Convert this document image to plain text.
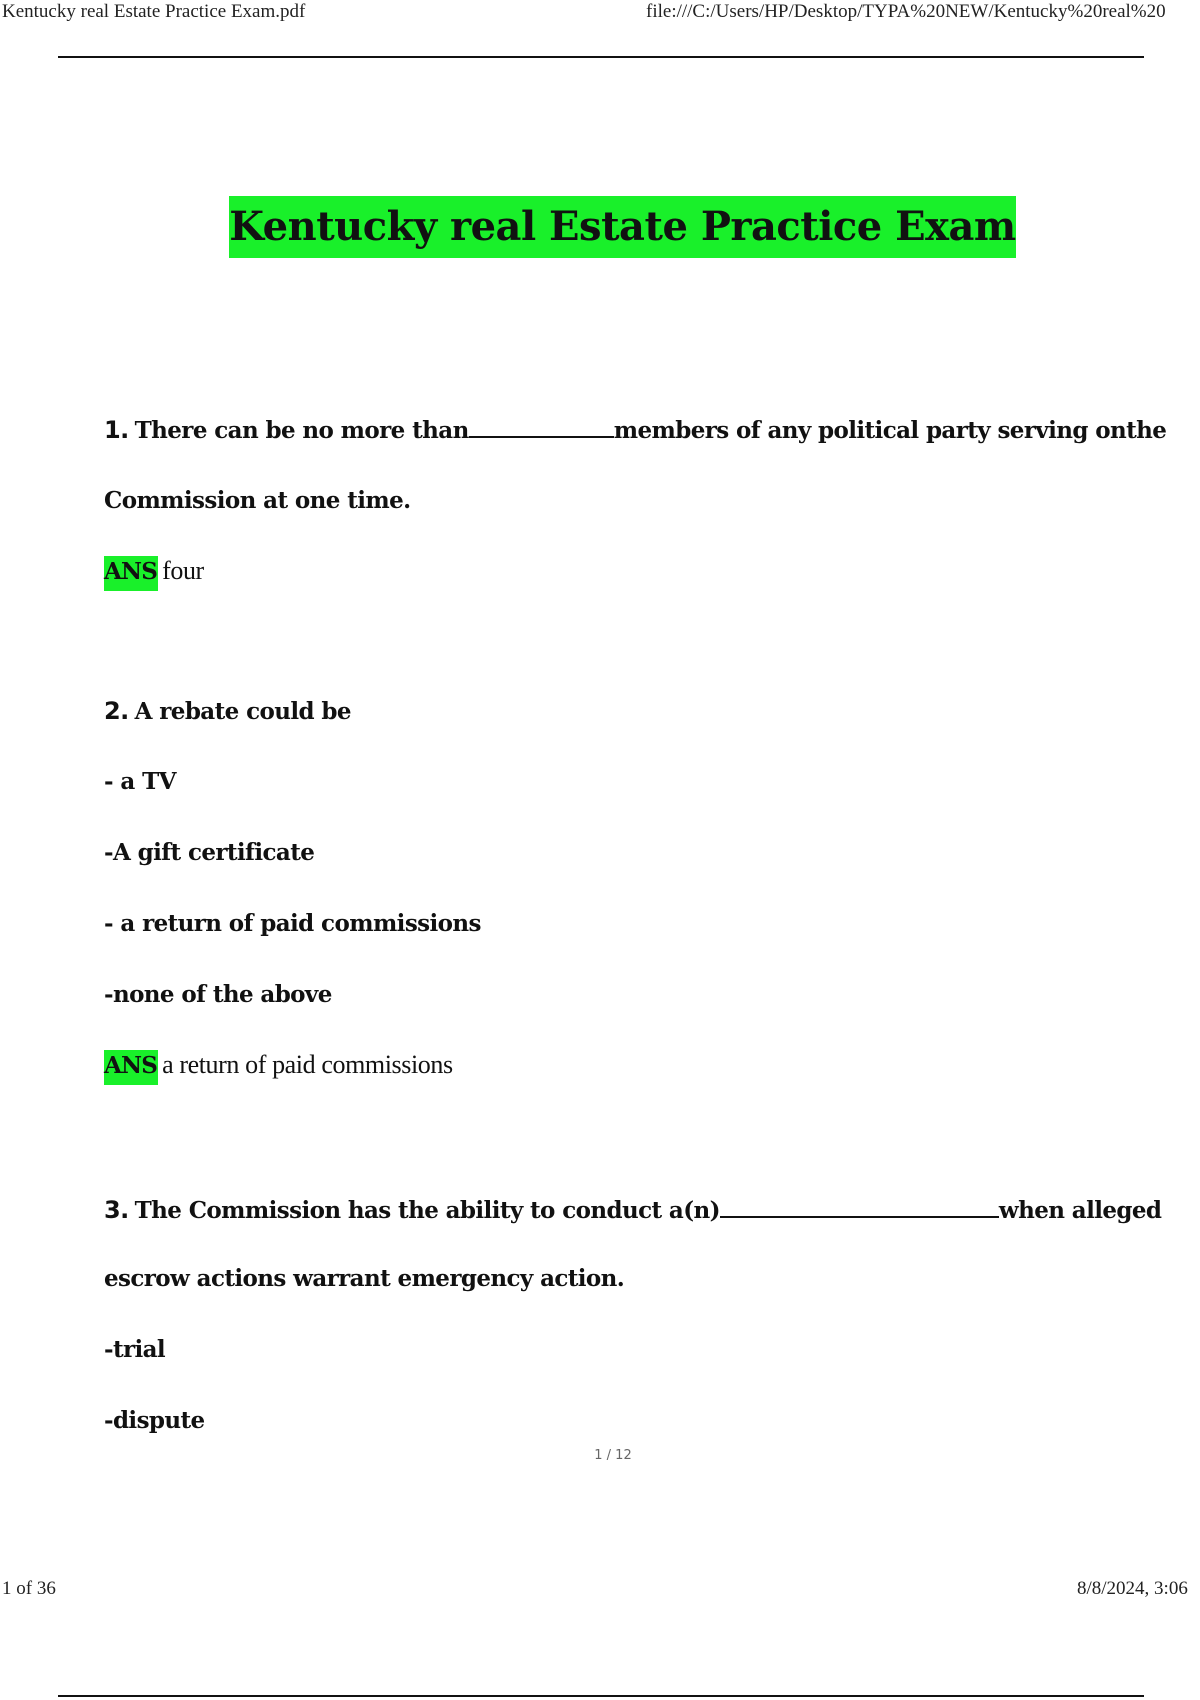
Kentucky real Estate Practice Exam.pdf	file:///C:/Users/HP/Desktop/TYPA%20NEW/Kentucky%20real%20
Kentucky real Estate Practice Exam
1. There can be no more than	members of any political party serving onthe
Commission at one time.
ANS four
2. A rebate could be
- a TV
-A gift certificate
- a return of paid commissions
-none of the above
ANS a return of paid commissions
3. The Commission has the ability to conduct a(n)	when alleged
escrow actions warrant emergency action.
-trial
-dispute
1 / 12
1 of 36	8/8/2024, 3:06
